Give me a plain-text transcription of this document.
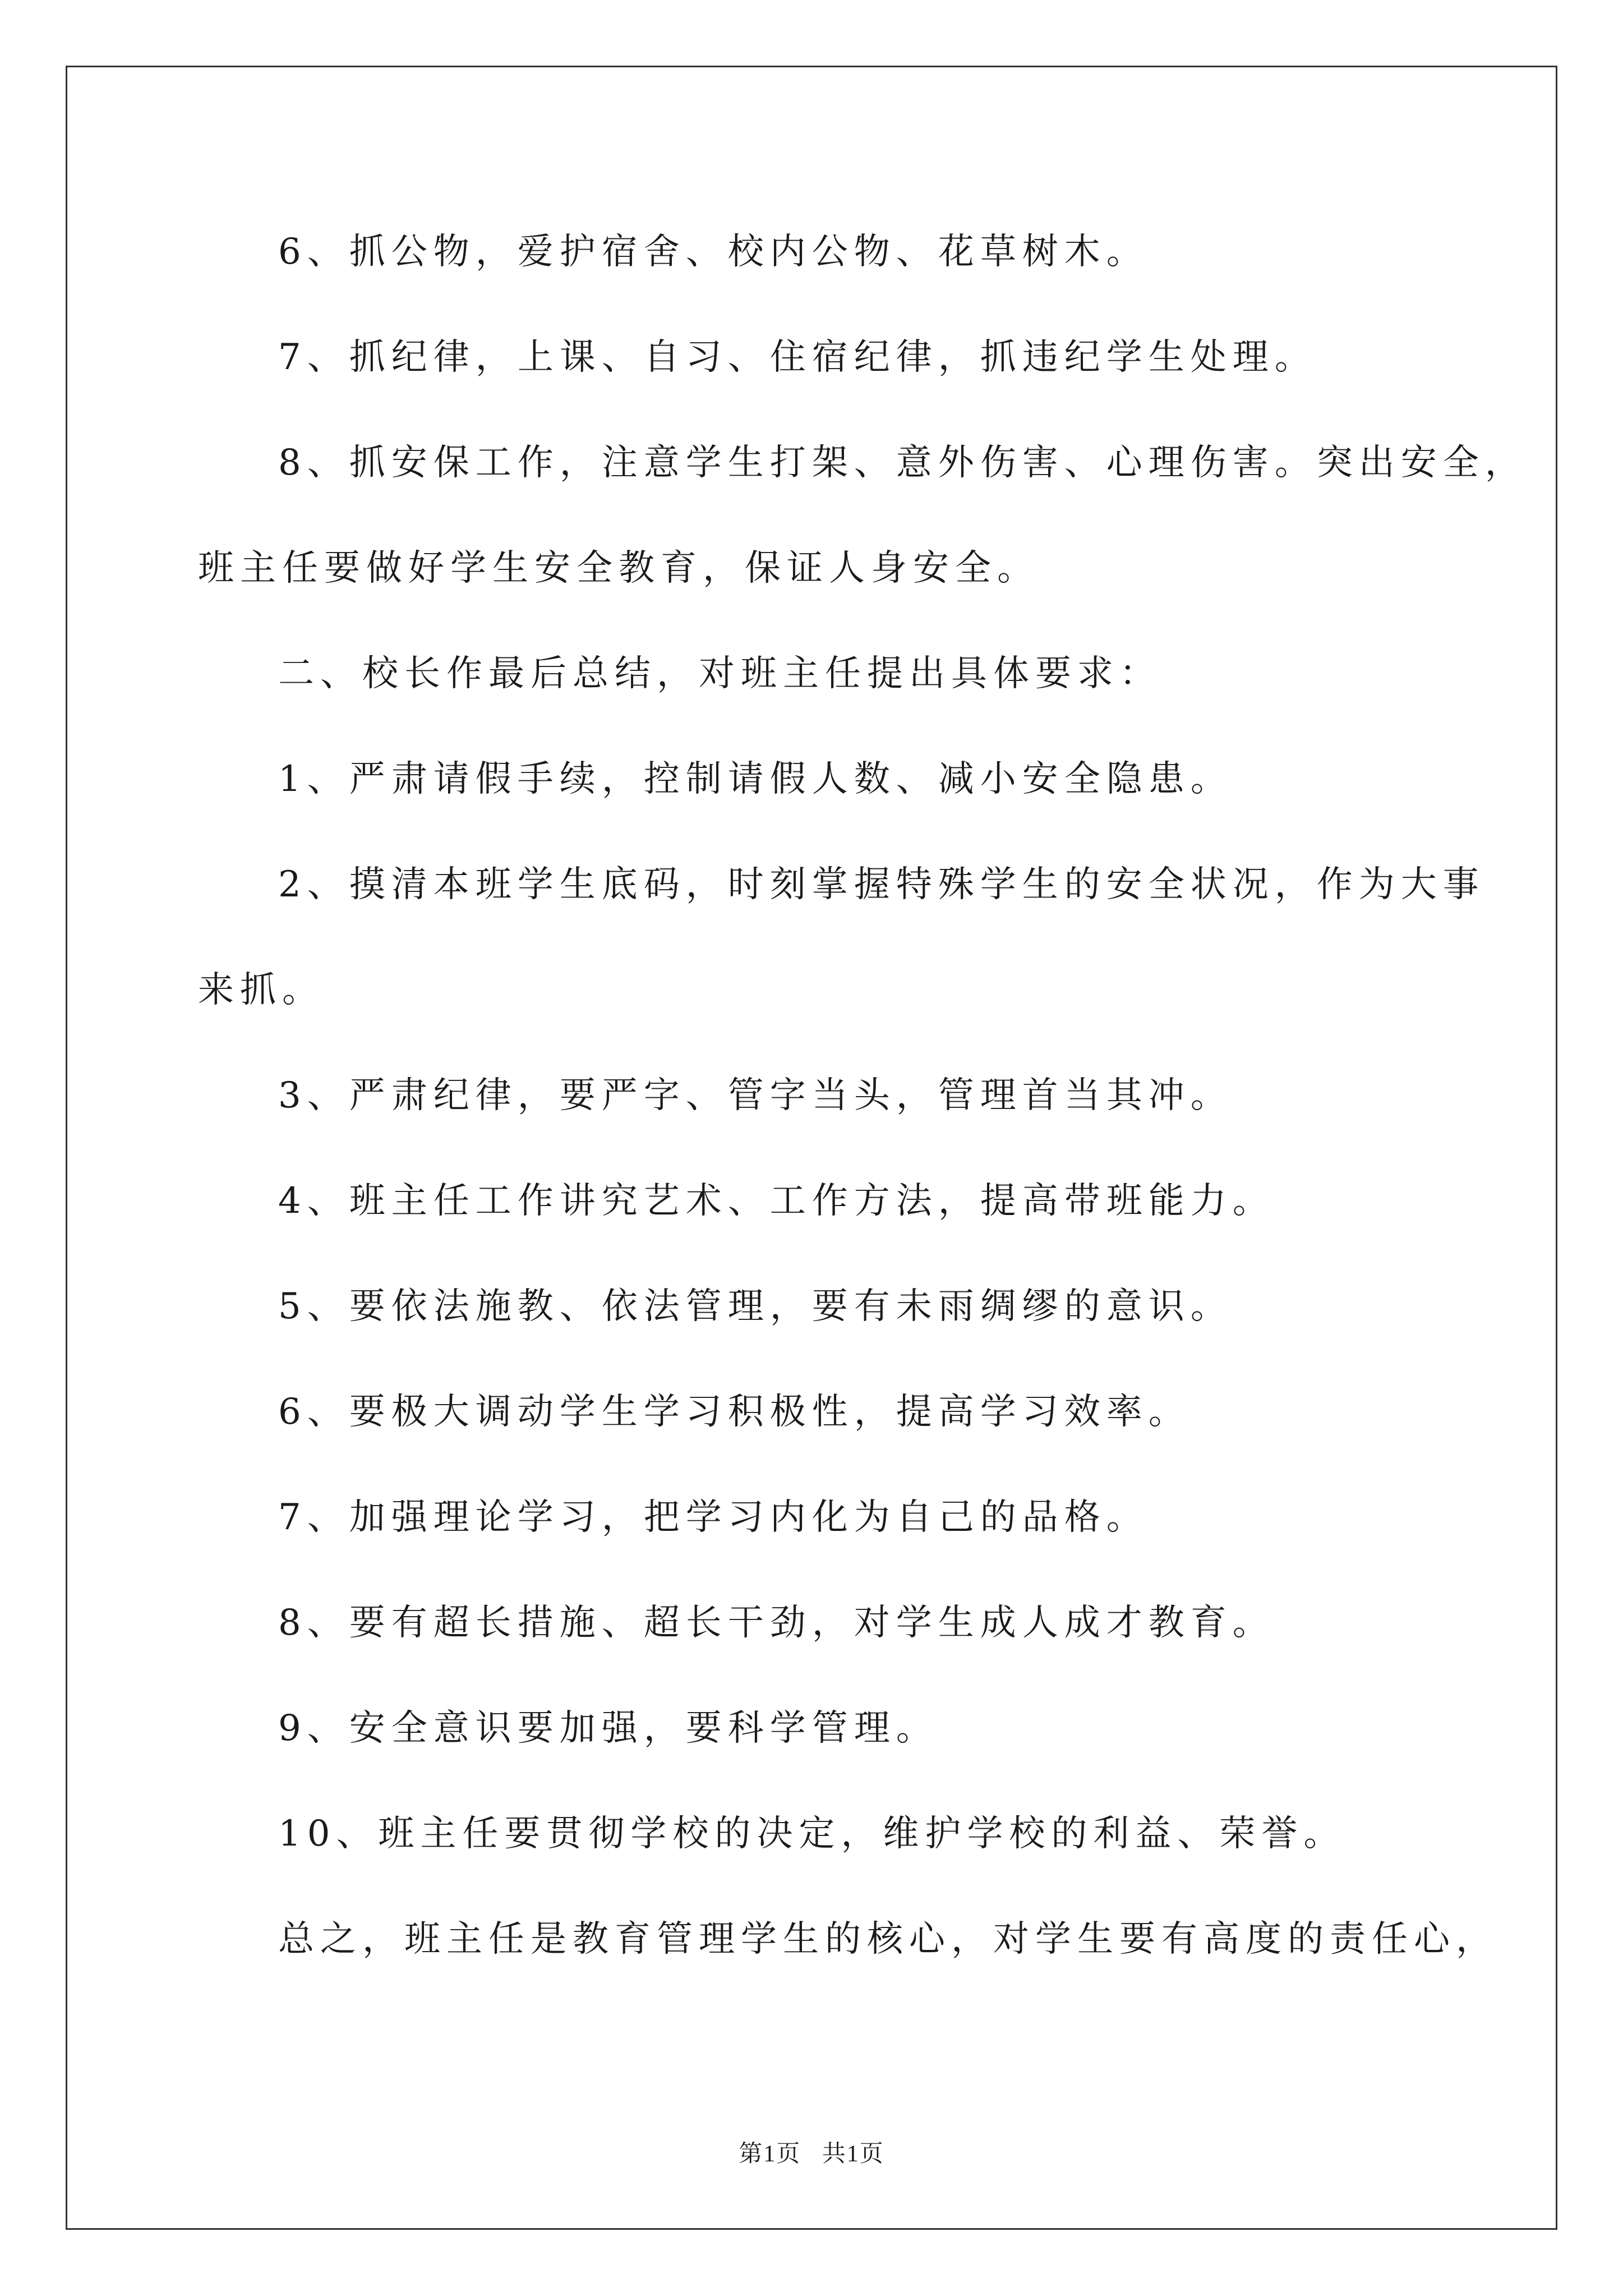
6、抓公物，爱护宿舍、校内公物、花草树木。
7、抓纪律，上课、自习、住宿纪律，抓违纪学生处理。
8、抓安保工作，注意学生打架、意外伤害、心理伤害。突出安全，
班主任要做好学生安全教育，保证人身安全。
二、校长作最后总结，对班主任提出具体要求：
1、严肃请假手续，控制请假人数、减小安全隐患。
2、摸清本班学生底码，时刻掌握特殊学生的安全状况，作为大事
来抓。
3、严肃纪律，要严字、管字当头，管理首当其冲。
4、班主任工作讲究艺术、工作方法，提高带班能力。
5、要依法施教、依法管理，要有未雨绸缪的意识。
6、要极大调动学生学习积极性，提高学习效率。
7、加强理论学习，把学习内化为自己的品格。
8、要有超长措施、超长干劲，对学生成人成才教育。
9、安全意识要加强，要科学管理。
10、班主任要贯彻学校的决定，维护学校的利益、荣誉。
总之，班主任是教育管理学生的核心，对学生要有高度的责任心，
第1页 共1页
